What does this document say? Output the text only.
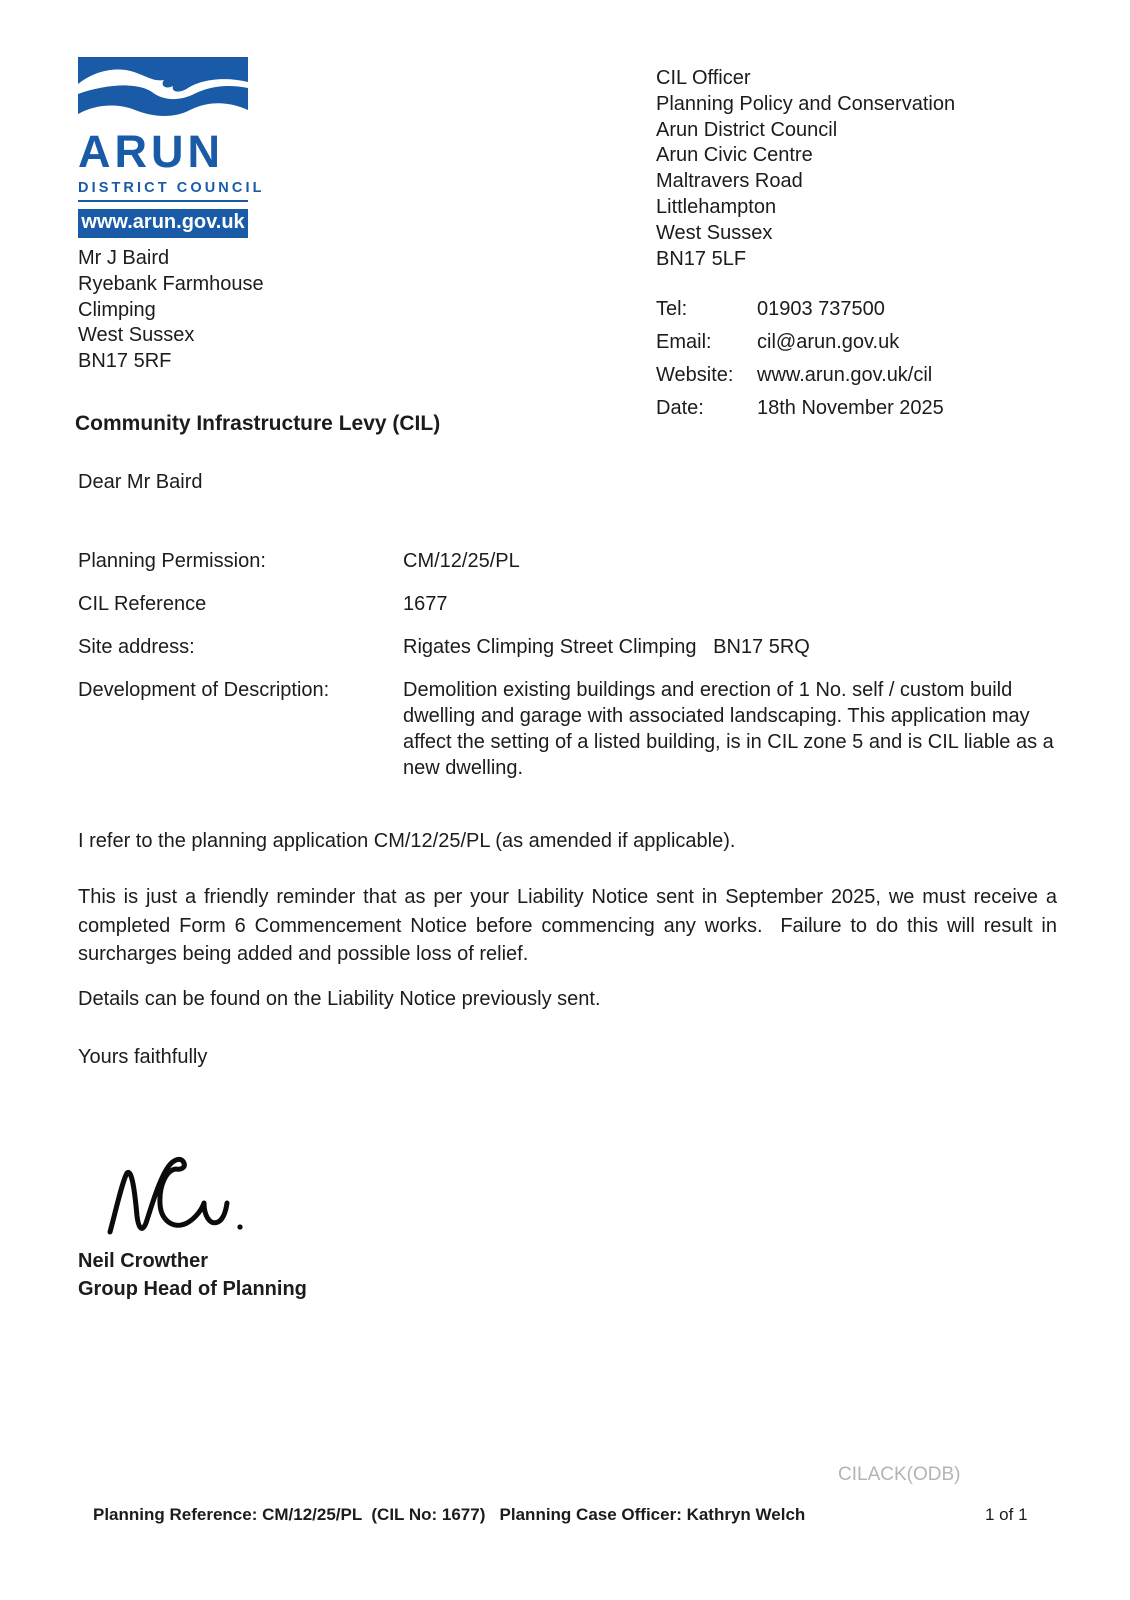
ARUN
DISTRICT COUNCIL
www.arun.gov.uk
CIL Officer
Planning Policy and Conservation
Arun District Council
Arun Civic Centre
Maltravers Road
Littlehampton
West Sussex
BN17 5LF
Tel:	01903 737500
Email:	cil@arun.gov.uk
Website:	www.arun.gov.uk/cil
Date:	18th November 2025
Mr J Baird
Ryebank Farmhouse
Climping
West Sussex
BN17 5RF
Community Infrastructure Levy (CIL)
Dear Mr Baird
Planning Permission:	CM/12/25/PL
CIL Reference	1677
Site address:	Rigates Climping Street Climping   BN17 5RQ
Development of Description:	Demolition existing buildings and erection of 1 No. self / custom build dwelling and garage with associated landscaping. This application may affect the setting of a listed building, is in CIL zone 5 and is CIL liable as a new dwelling.
I refer to the planning application CM/12/25/PL (as amended if applicable).
This is just a friendly reminder that as per your Liability Notice sent in September 2025, we must receive a completed Form 6 Commencement Notice before commencing any works.  Failure to do this will result in surcharges being added and possible loss of relief.
Details can be found on the Liability Notice previously sent.
Yours faithfully
Neil Crowther
Group Head of Planning
CILACK(ODB)
Planning Reference: CM/12/25/PL  (CIL No: 1677)   Planning Case Officer: Kathryn Welch	1 of 1
